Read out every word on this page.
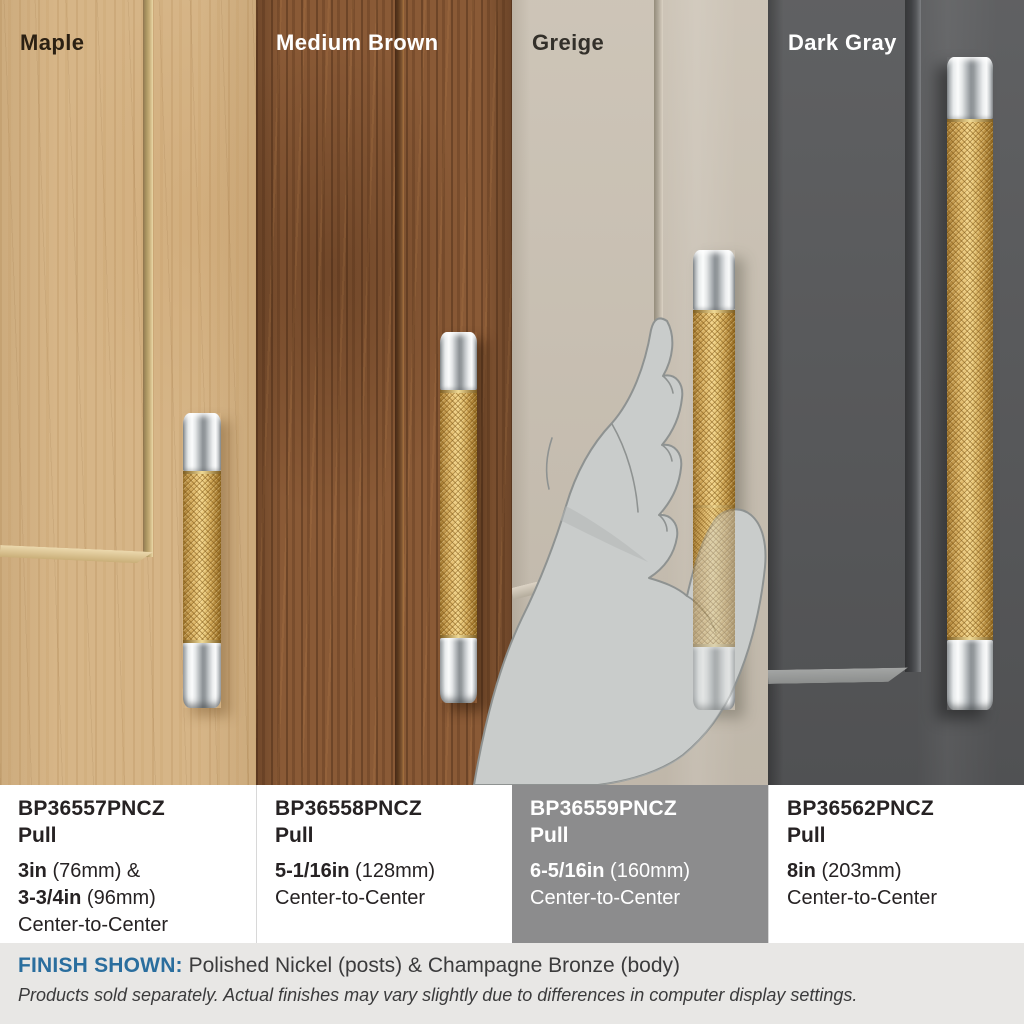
Maple	Medium Brown	Greige	Dark Gray
BP36557PNCZ
Pull
3in (76mm) &
3-3/4in (96mm)
Center-to-Center
BP36558PNCZ
Pull
5-1/16in (128mm)
Center-to-Center
BP36559PNCZ
Pull
6-5/16in (160mm)
Center-to-Center
BP36562PNCZ
Pull
8in (203mm)
Center-to-Center
FINISH SHOWN: Polished Nickel (posts) & Champagne Bronze (body)
Products sold separately. Actual finishes may vary slightly due to differences in computer display settings.
